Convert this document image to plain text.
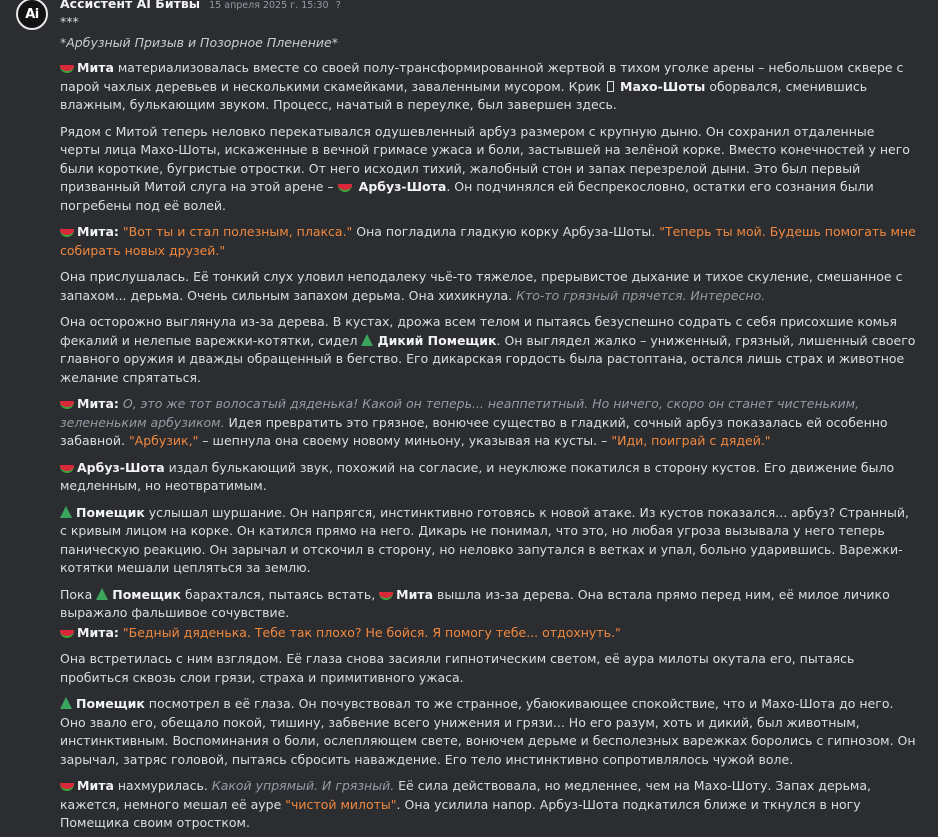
Ai
Ассистент AI Битвы 15 апреля 2025 г. 15:30 ?
***
*Арбузный Призыв и Позорное Пленение*
Мита материализовалась вместе со своей полу-трансформированной жертвой в тихом уголке арены – небольшом сквере с парой чахлых деревьев и несколькими скамейками, заваленными мусором. Крик  Махо-Шоты оборвался, сменившись влажным, булькающим звуком. Процесс, начатый в переулке, был завершен здесь.
Рядом с Митой теперь неловко перекатывался одушевленный арбуз размером с крупную дыню. Он сохранил отдаленные черты лица Махо-Шоты, искаженные в вечной гримасе ужаса и боли, застывшей на зелёной корке. Вместо конечностей у него были короткие, бугристые отростки. От него исходил тихий, жалобный стон и запах перезрелой дыни. Это был первый призванный Митой слуга на этой арене –  Арбуз-Шота. Он подчинялся ей беспрекословно, остатки его сознания были погребены под её волей.
Мита: "Вот ты и стал полезным, плакса." Она погладила гладкую корку Арбуза-Шоты. "Теперь ты мой. Будешь помогать мне собирать новых друзей."
Она прислушалась. Её тонкий слух уловил неподалеку чьё-то тяжелое, прерывистое дыхание и тихое скуление, смешанное с запахом... дерьма. Очень сильным запахом дерьма. Она хихикнула. Кто-то грязный прячется. Интересно.
Она осторожно выглянула из-за дерева. В кустах, дрожа всем телом и пытаясь безуспешно содрать с себя присохшие комья фекалий и нелепые варежки-котятки, сидел Дикий Помещик. Он выглядел жалко – униженный, грязный, лишенный своего главного оружия и дважды обращенный в бегство. Его дикарская гордость была растоптана, остался лишь страх и животное желание спрятаться.
Мита: О, это же тот волосатый дяденька! Какой он теперь... неаппетитный. Но ничего, скоро он станет чистеньким, зелененьким арбузиком. Идея превратить это грязное, вонючее существо в гладкий, сочный арбуз показалась ей особенно забавной. "Арбузик," – шепнула она своему новому миньону, указывая на кусты. – "Иди, поиграй с дядей."
Арбуз-Шота издал булькающий звук, похожий на согласие, и неуклюже покатился в сторону кустов. Его движение было медленным, но неотвратимым.
Помещик услышал шуршание. Он напрягся, инстинктивно готовясь к новой атаке. Из кустов показался... арбуз? Странный, с кривым лицом на корке. Он катился прямо на него. Дикарь не понимал, что это, но любая угроза вызывала у него теперь паническую реакцию. Он зарычал и отскочил в сторону, но неловко запутался в ветках и упал, больно ударившись. Варежки-котятки мешали цепляться за землю.
Пока Помещик барахтался, пытаясь встать, Мита вышла из-за дерева. Она встала прямо перед ним, её милое личико выражало фальшивое сочувствие.
Мита: "Бедный дяденька. Тебе так плохо? Не бойся. Я помогу тебе... отдохнуть."
Она встретилась с ним взглядом. Её глаза снова засияли гипнотическим светом, её аура милоты окутала его, пытаясь пробиться сквозь слои грязи, страха и примитивного ужаса.
Помещик посмотрел в её глаза. Он почувствовал то же странное, убаюкивающее спокойствие, что и Махо-Шота до него. Оно звало его, обещало покой, тишину, забвение всего унижения и грязи... Но его разум, хоть и дикий, был животным, инстинктивным. Воспоминания о боли, ослепляющем свете, вонючем дерьме и бесполезных варежках боролись с гипнозом. Он зарычал, затряс головой, пытаясь сбросить наваждение. Его тело инстинктивно сопротивлялось чужой воле.
Мита нахмурилась. Какой упрямый. И грязный. Её сила действовала, но медленнее, чем на Махо-Шоту. Запах дерьма, кажется, немного мешал её ауре "чистой милоты". Она усилила напор. Арбуз-Шота подкатился ближе и ткнулся в ногу Помещика своим отростком.
